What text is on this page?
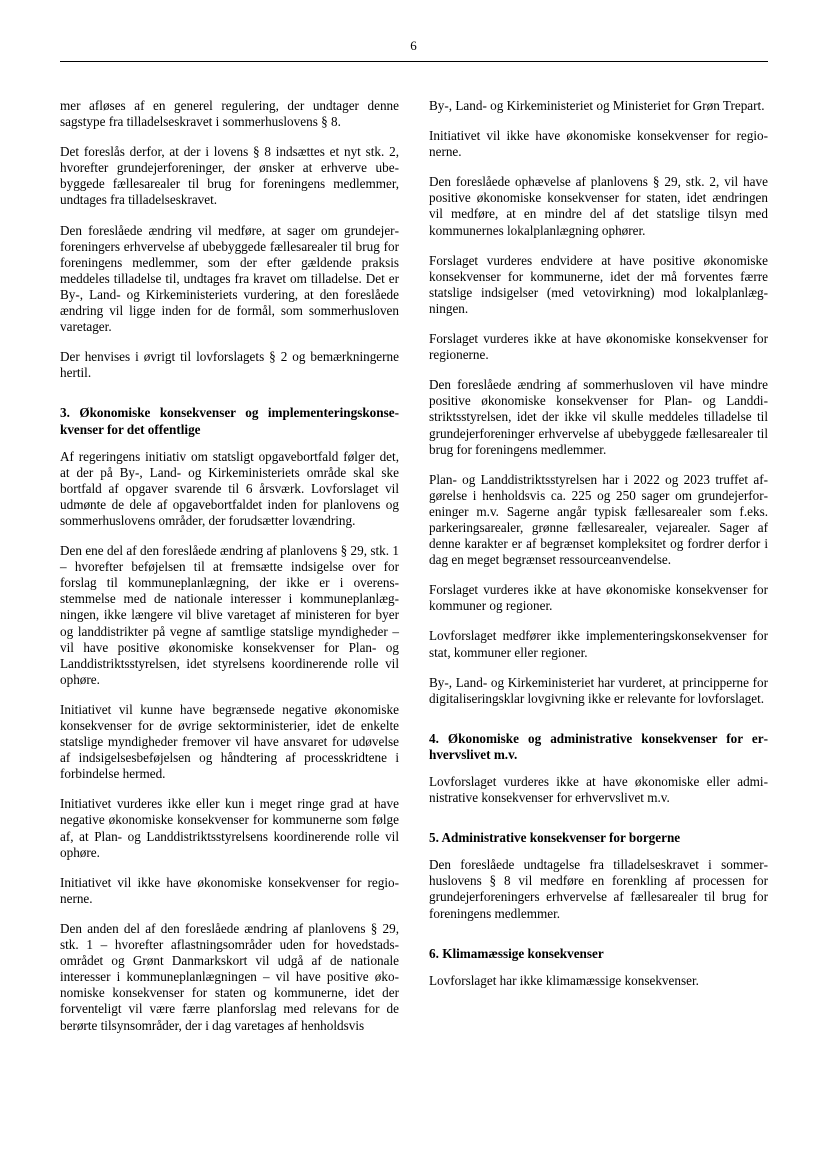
6

mer afløses af en generel regulering, der undtager denne sagstype fra tilladelseskravet i sommerhuslovens § 8.

Det foreslås derfor, at der i lovens § 8 indsættes et nyt stk. 2, hvorefter grundejerforeninger, der ønsker at erhverve ubebyggede fællesarealer til brug for foreningens medlemmer, undtages fra tilladelseskravet.

Den foreslåede ændring vil medføre, at sager om grundejerforeningers erhvervelse af ubebyggede fællesarealer til brug for foreningens medlemmer, som der efter gældende praksis meddeles tilladelse til, undtages fra kravet om tilladelse. Det er By-, Land- og Kirkeministeriets vurdering, at den foreslåede ændring vil ligge inden for de formål, som sommerhusloven varetager.

Der henvises i øvrigt til lovforslagets § 2 og bemærkningerne hertil.

3. Økonomiske konsekvenser og implementeringskonsekvenser for det offentlige

Af regeringens initiativ om statsligt opgavebortfald følger det, at der på By-, Land- og Kirkeministeriets område skal ske bortfald af opgaver svarende til 6 årsværk. Lovforslaget vil udmønte de dele af opgavebortfaldet inden for planlovens og sommerhuslovens områder, der forudsætter lovændring.

Den ene del af den foreslåede ændring af planlovens § 29, stk. 1 – hvorefter beføjelsen til at fremsætte indsigelse over for forslag til kommuneplanlægning, der ikke er i overensstemmelse med de nationale interesser i kommuneplanlægningen, ikke længere vil blive varetaget af ministeren for byer og landdistrikter på vegne af samtlige statslige myndigheder – vil have positive økonomiske konsekvenser for Plan- og Landdistriktsstyrelsen, idet styrelsens koordinerende rolle vil ophøre.

Initiativet vil kunne have begrænsede negative økonomiske konsekvenser for de øvrige sektorministerier, idet de enkelte statslige myndigheder fremover vil have ansvaret for udøvelse af indsigelsesbeføjelsen og håndtering af processkridtene i forbindelse hermed.

Initiativet vurderes ikke eller kun i meget ringe grad at have negative økonomiske konsekvenser for kommunerne som følge af, at Plan- og Landdistriktsstyrelsens koordinerende rolle vil ophøre.

Initiativet vil ikke have økonomiske konsekvenser for regionerne.

Den anden del af den foreslåede ændring af planlovens § 29, stk. 1 – hvorefter aflastningsområder uden for hovedstadsområdet og Grønt Danmarkskort vil udgå af de nationale interesser i kommuneplanlægningen – vil have positive økonomiske konsekvenser for staten og kommunerne, idet der forventeligt vil være færre planforslag med relevans for de berørte tilsynsområder, der i dag varetages af henholdsvis

By-, Land- og Kirkeministeriet og Ministeriet for Grøn Trepart.

Initiativet vil ikke have økonomiske konsekvenser for regionerne.

Den foreslåede ophævelse af planlovens § 29, stk. 2, vil have positive økonomiske konsekvenser for staten, idet ændringen vil medføre, at en mindre del af det statslige tilsyn med kommunernes lokalplanlægning ophører.

Forslaget vurderes endvidere at have positive økonomiske konsekvenser for kommunerne, idet der må forventes færre statslige indsigelser (med vetovirkning) mod lokalplanlægningen.

Forslaget vurderes ikke at have økonomiske konsekvenser for regionerne.

Den foreslåede ændring af sommerhusloven vil have mindre positive økonomiske konsekvenser for Plan- og Landdistriktsstyrelsen, idet der ikke vil skulle meddeles tilladelse til grundejerforeninger erhvervelse af ubebyggede fællesarealer til brug for foreningens medlemmer.

Plan- og Landdistriktsstyrelsen har i 2022 og 2023 truffet afgørelse i henholdsvis ca. 225 og 250 sager om grundejerforeninger m.v. Sagerne angår typisk fællesarealer som f.eks. parkeringsarealer, grønne fællesarealer, vejarealer. Sager af denne karakter er af begrænset kompleksitet og fordrer derfor i dag en meget begrænset ressourceanvendelse.

Forslaget vurderes ikke at have økonomiske konsekvenser for kommuner og regioner.

Lovforslaget medfører ikke implementeringskonsekvenser for stat, kommuner eller regioner.

By-, Land- og Kirkeministeriet har vurderet, at principperne for digitaliseringsklar lovgivning ikke er relevante for lovforslaget.

4. Økonomiske og administrative konsekvenser for erhvervslivet m.v.

Lovforslaget vurderes ikke at have økonomiske eller administrative konsekvenser for erhvervslivet m.v.

5. Administrative konsekvenser for borgerne

Den foreslåede undtagelse fra tilladelseskravet i sommerhuslovens § 8 vil medføre en forenkling af processen for grundejerforeningers erhvervelse af fællesarealer til brug for foreningens medlemmer.

6. Klimamæssige konsekvenser

Lovforslaget har ikke klimamæssige konsekvenser.
